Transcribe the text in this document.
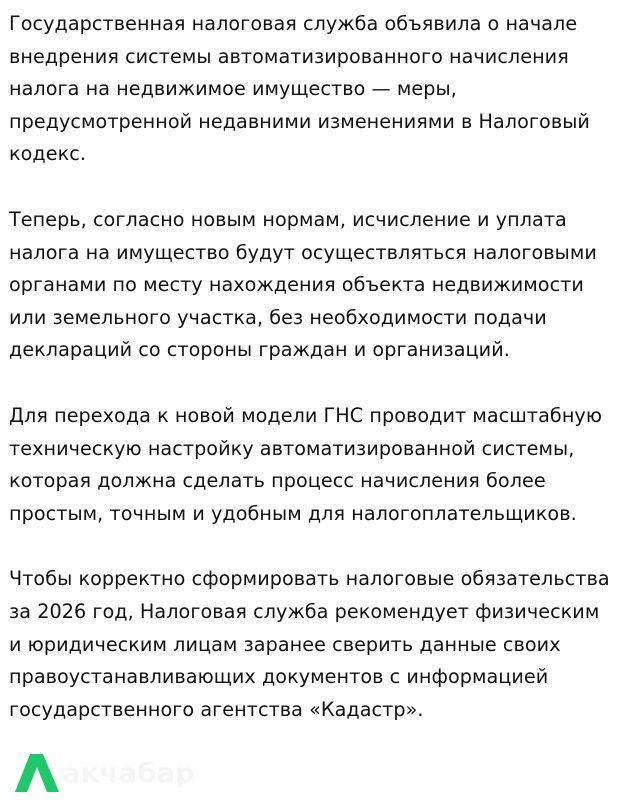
Государственная налоговая служба объявила о начале
внедрения системы автоматизированного начисления
налога на недвижимое имущество — меры,
предусмотренной недавними изменениями в Налоговый
кодекс.

Теперь, согласно новым нормам, исчисление и уплата
налога на имущество будут осуществляться налоговыми
органами по месту нахождения объекта недвижимости
или земельного участка, без необходимости подачи
деклараций со стороны граждан и организаций.

Для перехода к новой модели ГНС проводит масштабную
техническую настройку автоматизированной системы,
которая должна сделать процесс начисления более
простым, точным и удобным для налогоплательщиков.

Чтобы корректно сформировать налоговые обязательства
за 2026 год, Налоговая служба рекомендует физическим
и юридическим лицам заранее сверить данные своих
правоустанавливающих документов с информацией
государственного агентства «Кадастр».

акчабар
